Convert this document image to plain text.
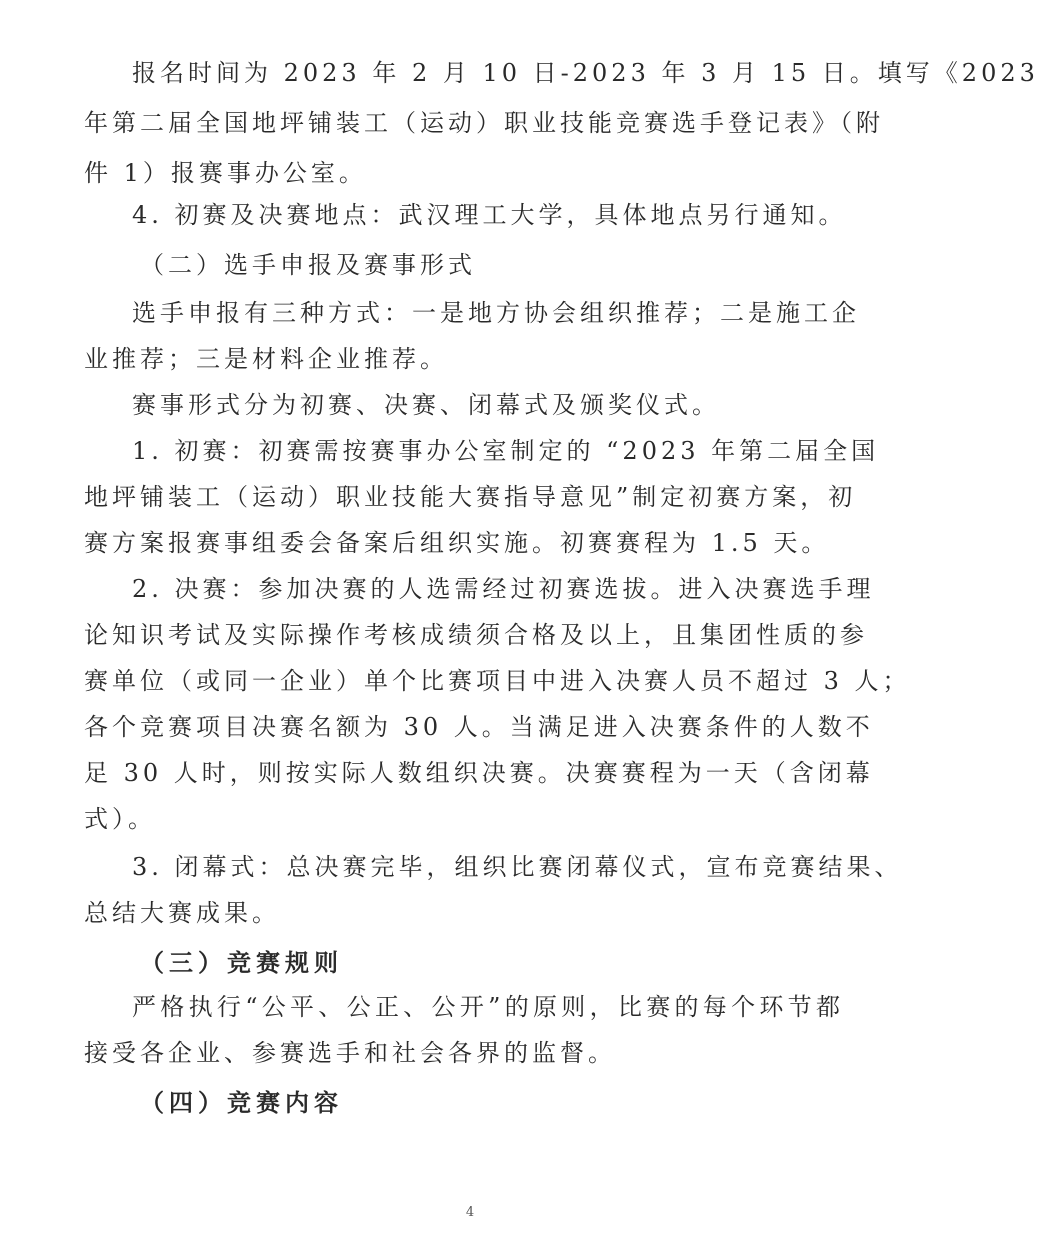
报名时间为 2023 年 2 月 10 日-2023 年 3 月 15 日。填写《2023
年第二届全国地坪铺装工（运动）职业技能竞赛选手登记表》（附
件 1）报赛事办公室。
4. 初赛及决赛地点：武汉理工大学，具体地点另行通知。
（二）选手申报及赛事形式
选手申报有三种方式：一是地方协会组织推荐；二是施工企
业推荐；三是材料企业推荐。
赛事形式分为初赛、决赛、闭幕式及颁奖仪式。
1. 初赛：初赛需按赛事办公室制定的 “2023 年第二届全国
地坪铺装工（运动）职业技能大赛指导意见”制定初赛方案，初
赛方案报赛事组委会备案后组织实施。初赛赛程为 1.5 天。
2. 决赛：参加决赛的人选需经过初赛选拔。进入决赛选手理
论知识考试及实际操作考核成绩须合格及以上，且集团性质的参
赛单位（或同一企业）单个比赛项目中进入决赛人员不超过 3 人；
各个竞赛项目决赛名额为 30 人。当满足进入决赛条件的人数不
足 30 人时，则按实际人数组织决赛。决赛赛程为一天（含闭幕
式）。
3. 闭幕式：总决赛完毕，组织比赛闭幕仪式，宣布竞赛结果、
总结大赛成果。
（三）竞赛规则
严格执行“公平、公正、公开”的原则，比赛的每个环节都
接受各企业、参赛选手和社会各界的监督。
（四）竞赛内容
4
